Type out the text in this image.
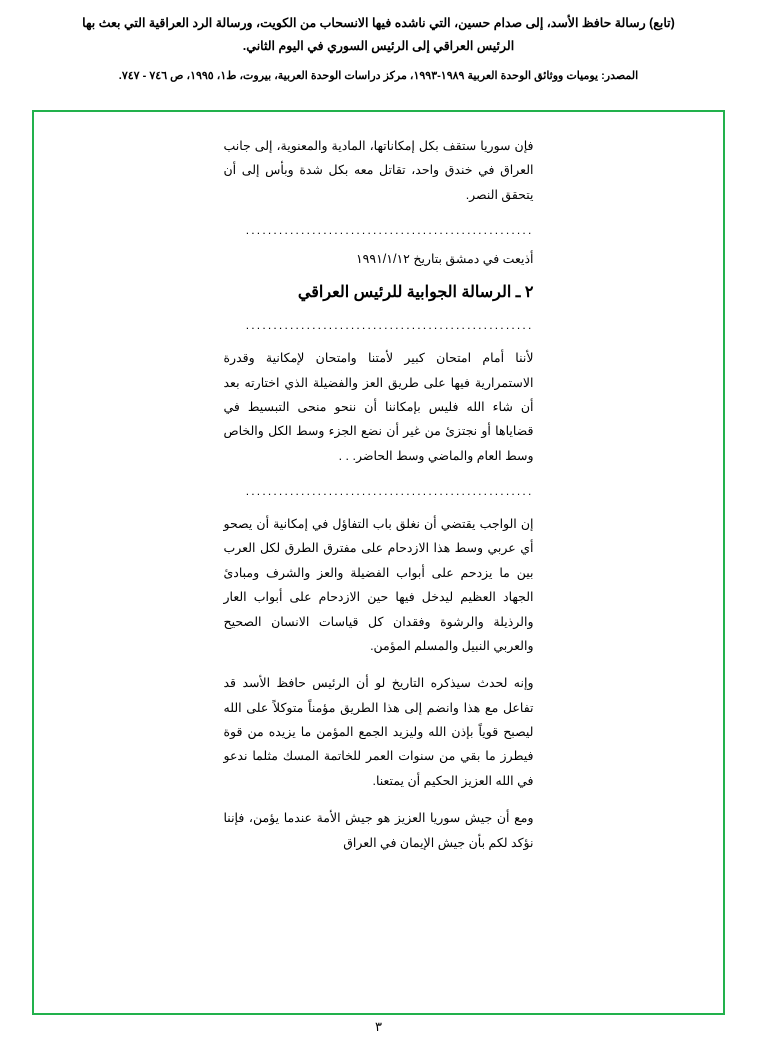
(تابع) رسالة حافظ الأسد، إلى صدام حسين، التي ناشده فيها الانسحاب من الكويت، ورسالة الرد العراقية التي بعث بها
الرئيس العراقي إلى الرئيس السوري في اليوم الثاني.
المصدر: يوميات ووثائق الوحدة العربية ١٩٨٩-١٩٩٣، مركز دراسات الوحدة العربية، بيروت، ط١، ١٩٩٥، ص ٧٤٦ - ٧٤٧.

فإن سوريا ستقف بكل إمكاناتها، المادية والمعنوية، إلى جانب العراق في خندق واحد، تقاتل معه بكل شدة وبأس إلى أن يتحقق النصر.

....................................................
أذيعت في دمشق بتاريخ ١٩٩١/١/١٢
٢ ـ الرسالة الجوابية للرئيس العراقي
....................................................

لأننا أمام امتحان كبير لأمتنا وامتحان لإمكانية وقدرة الاستمرارية فيها على طريق العز والفضيلة الذي اختارته بعد أن شاء الله فليس بإمكاننا أن ننحو منحى التبسيط في قضاياها أو نجتزئ من غير أن نضع الجزء وسط الكل والخاص وسط العام والماضي وسط الحاضر. . .

....................................................

إن الواجب يقتضي أن نغلق باب التفاؤل في إمكانية أن يصحو أي عربي وسط هذا الازدحام على مفترق الطرق لكل العرب بين ما يزدحم على أبواب الفضيلة والعز والشرف ومبادئ الجهاد العظيم ليدخل فيها حين الازدحام على أبواب العار والرذيلة والرشوة وفقدان كل قياسات الانسان الصحيح والعربي النبيل والمسلم المؤمن.

وإنه لحدث سيذكره التاريخ لو أن الرئيس حافظ الأسد قد تفاعل مع هذا وانضم إلى هذا الطريق مؤمناً متوكلاً على الله ليصبح قوياً بإذن الله وليزيد الجمع المؤمن ما يزيده من قوة فيطرز ما بقي من سنوات العمر للخاتمة المسك مثلما ندعو في الله العزيز الحكيم أن يمتعنا.

ومع أن جيش سوريا العزيز هو جيش الأمة عندما يؤمن، فإننا نؤكد لكم بأن جيش الإيمان في العراق

٣
